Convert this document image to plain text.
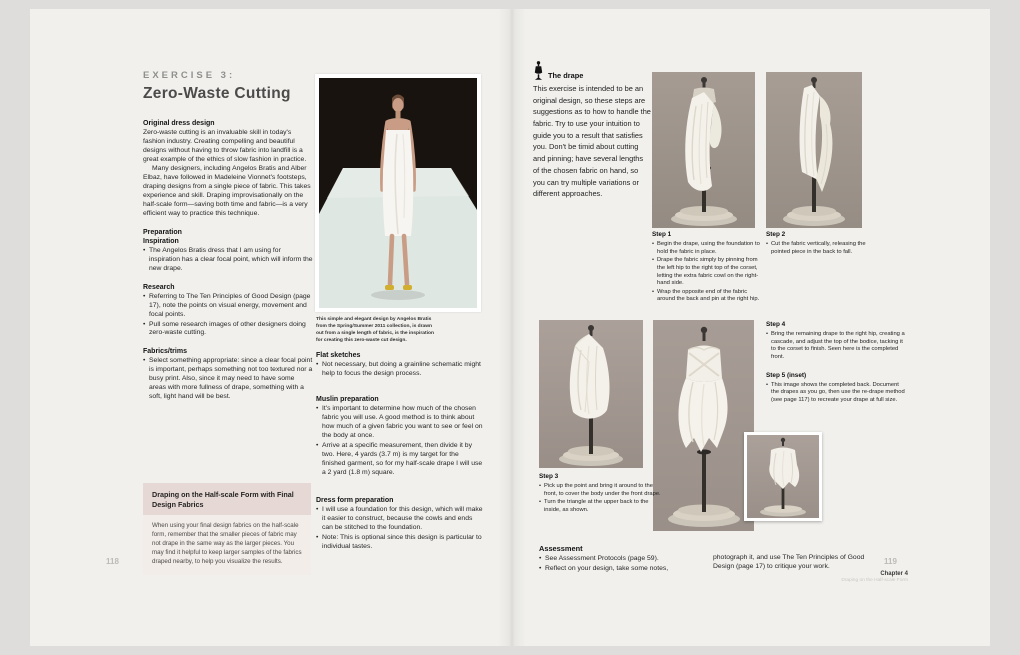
EXERCISE 3:
Zero-Waste Cutting
Original dress design

Zero-waste cutting is an invaluable skill in today's fashion industry. Creating compelling and beautiful designs without having to throw fabric into landfill is a great example of the ethics of slow fashion in practice.

Many designers, including Angelos Bratis and Alber Elbaz, have followed in Madeleine Vionnet's footsteps, draping designs from a single piece of fabric. This takes experience and skill. Draping improvisationally on the half-scale form—saving both time and fabric—is a very efficient way to practice this technique.

Preparation
Inspiration
• The Angelos Bratis dress that I am using for inspiration has a clear focal point, which will inform the new drape.
Research
• Referring to The Ten Principles of Good Design (page 17), note the points on visual energy, movement and focal points.
• Pull some research images of other designers doing zero-waste cutting.
Fabrics/trims
• Select something appropriate: since a clear focal point is important, perhaps something not too textured nor a busy print. Also, since it may need to have some areas with more fullness of drape, something with a soft, light hand will be best.
Draping on the Half-scale Form with Final Design Fabrics

When using your final design fabrics on the half-scale form, remember that the smaller pieces of fabric may not drape in the same way as the larger pieces. You may find it helpful to keep larger samples of the fabrics draped nearby, to help you visualize the results.

118
This simple and elegant design by Angelos Bratis from the Spring/Summer 2011 collection, is drawn out from a single length of fabric, is the inspiration for creating this zero-waste cut design.
Flat sketches
• Not necessary, but doing a grainline schematic might help to focus the design process.
Muslin preparation
• It's important to determine how much of the chosen fabric you will use. A good method is to think about how much of a given fabric you want to see or feel on the body at once.
• Arrive at a specific measurement, then divide it by two. Here, 4 yards (3.7 m) is my target for the finished garment, so for my half-scale drape I will use a 2 yard (1.8 m) square.
Dress form preparation
• I will use a foundation for this design, which will make it easier to construct, because the cowls and ends can be stitched to the foundation.
• Note: This is optional since this design is particular to individual tastes.
The drape

This exercise is intended to be an original design, so these steps are suggestions as to how to handle the fabric. Try to use your intuition to guide you to a result that satisfies you. Don't be timid about cutting and pinning; have several lengths of the chosen fabric on hand, so you can try multiple variations or different approaches.

Step 1
• Begin the drape, using the foundation to hold the fabric in place.
• Drape the fabric simply by pinning from the left hip to the right top of the corset, letting the extra fabric cowl on the right-hand side.
• Wrap the opposite end of the fabric around the back and pin at the right hip.
Step 2
• Cut the fabric vertically, releasing the pointed piece in the back to fall.
Step 4
• Bring the remaining drape to the right hip, creating a cascade, and adjust the top of the bodice, tacking it to the corset to finish. Seen here is the completed front.
Step 5 (inset)
• This image shows the completed back. Document the drapes as you go, then use the re-drape method (see page 117) to recreate your drape at full size.
Step 3
• Pick up the point and bring it around to the front, to cover the body under the front drape.
• Turn the triangle at the upper back to the inside, as shown.
Assessment
• See Assessment Protocols (page 59).
• Reflect on your design, take some notes,

photograph it, and use The Ten Principles of Good Design (page 17) to critique your work.

119
Chapter 4
Draping on the Half-scale Form
